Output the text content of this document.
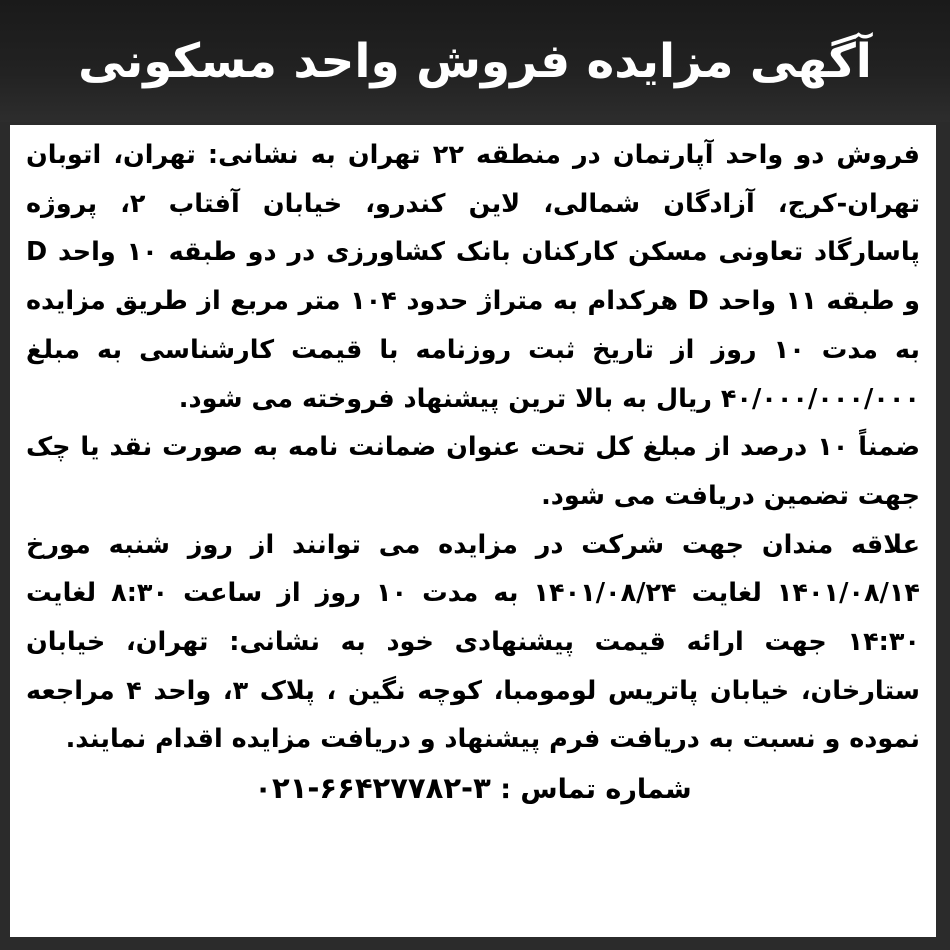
آگهی مزایده فروش واحد مسکونی

فروش دو واحد آپارتمان در منطقه ۲۲ تهران به نشانی: تهران، اتوبان تهران-کرج، آزادگان شمالی، لاین کندرو، خیابان آفتاب ۲، پروژه پاسارگاد تعاونی مسکن کارکنان بانک کشاورزی در دو طبقه ۱۰ واحد D و طبقه ۱۱ واحد D هرکدام به متراژ حدود ۱۰۴ متر مربع از طریق مزایده به مدت ۱۰ روز از تاریخ ثبت روزنامه با قیمت کارشناسی به مبلغ ۴۰/۰۰۰/۰۰۰/۰۰۰ ریال به بالا ترین پیشنهاد فروخته می شود.

ضمناً ۱۰ درصد از مبلغ کل تحت عنوان ضمانت نامه به صورت نقد یا چک جهت تضمین دریافت می شود.

علاقه مندان جهت شرکت در مزایده می توانند از روز شنبه مورخ ۱۴۰۱/۰۸/۱۴ لغایت ۱۴۰۱/۰۸/۲۴ به مدت ۱۰ روز از ساعت ۸:۳۰ لغایت ۱۴:۳۰ جهت ارائه قیمت پیشنهادی خود به نشانی: تهران، خیابان ستارخان، خیابان پاتریس لومومبا، کوچه نگین ، پلاک ۳، واحد ۴ مراجعه نموده و نسبت به دریافت فرم پیشنهاد و دریافت مزایده اقدام نمایند.

شماره تماس : ۰۲۱-۶۶۴۲۷۷۸۲-۳
